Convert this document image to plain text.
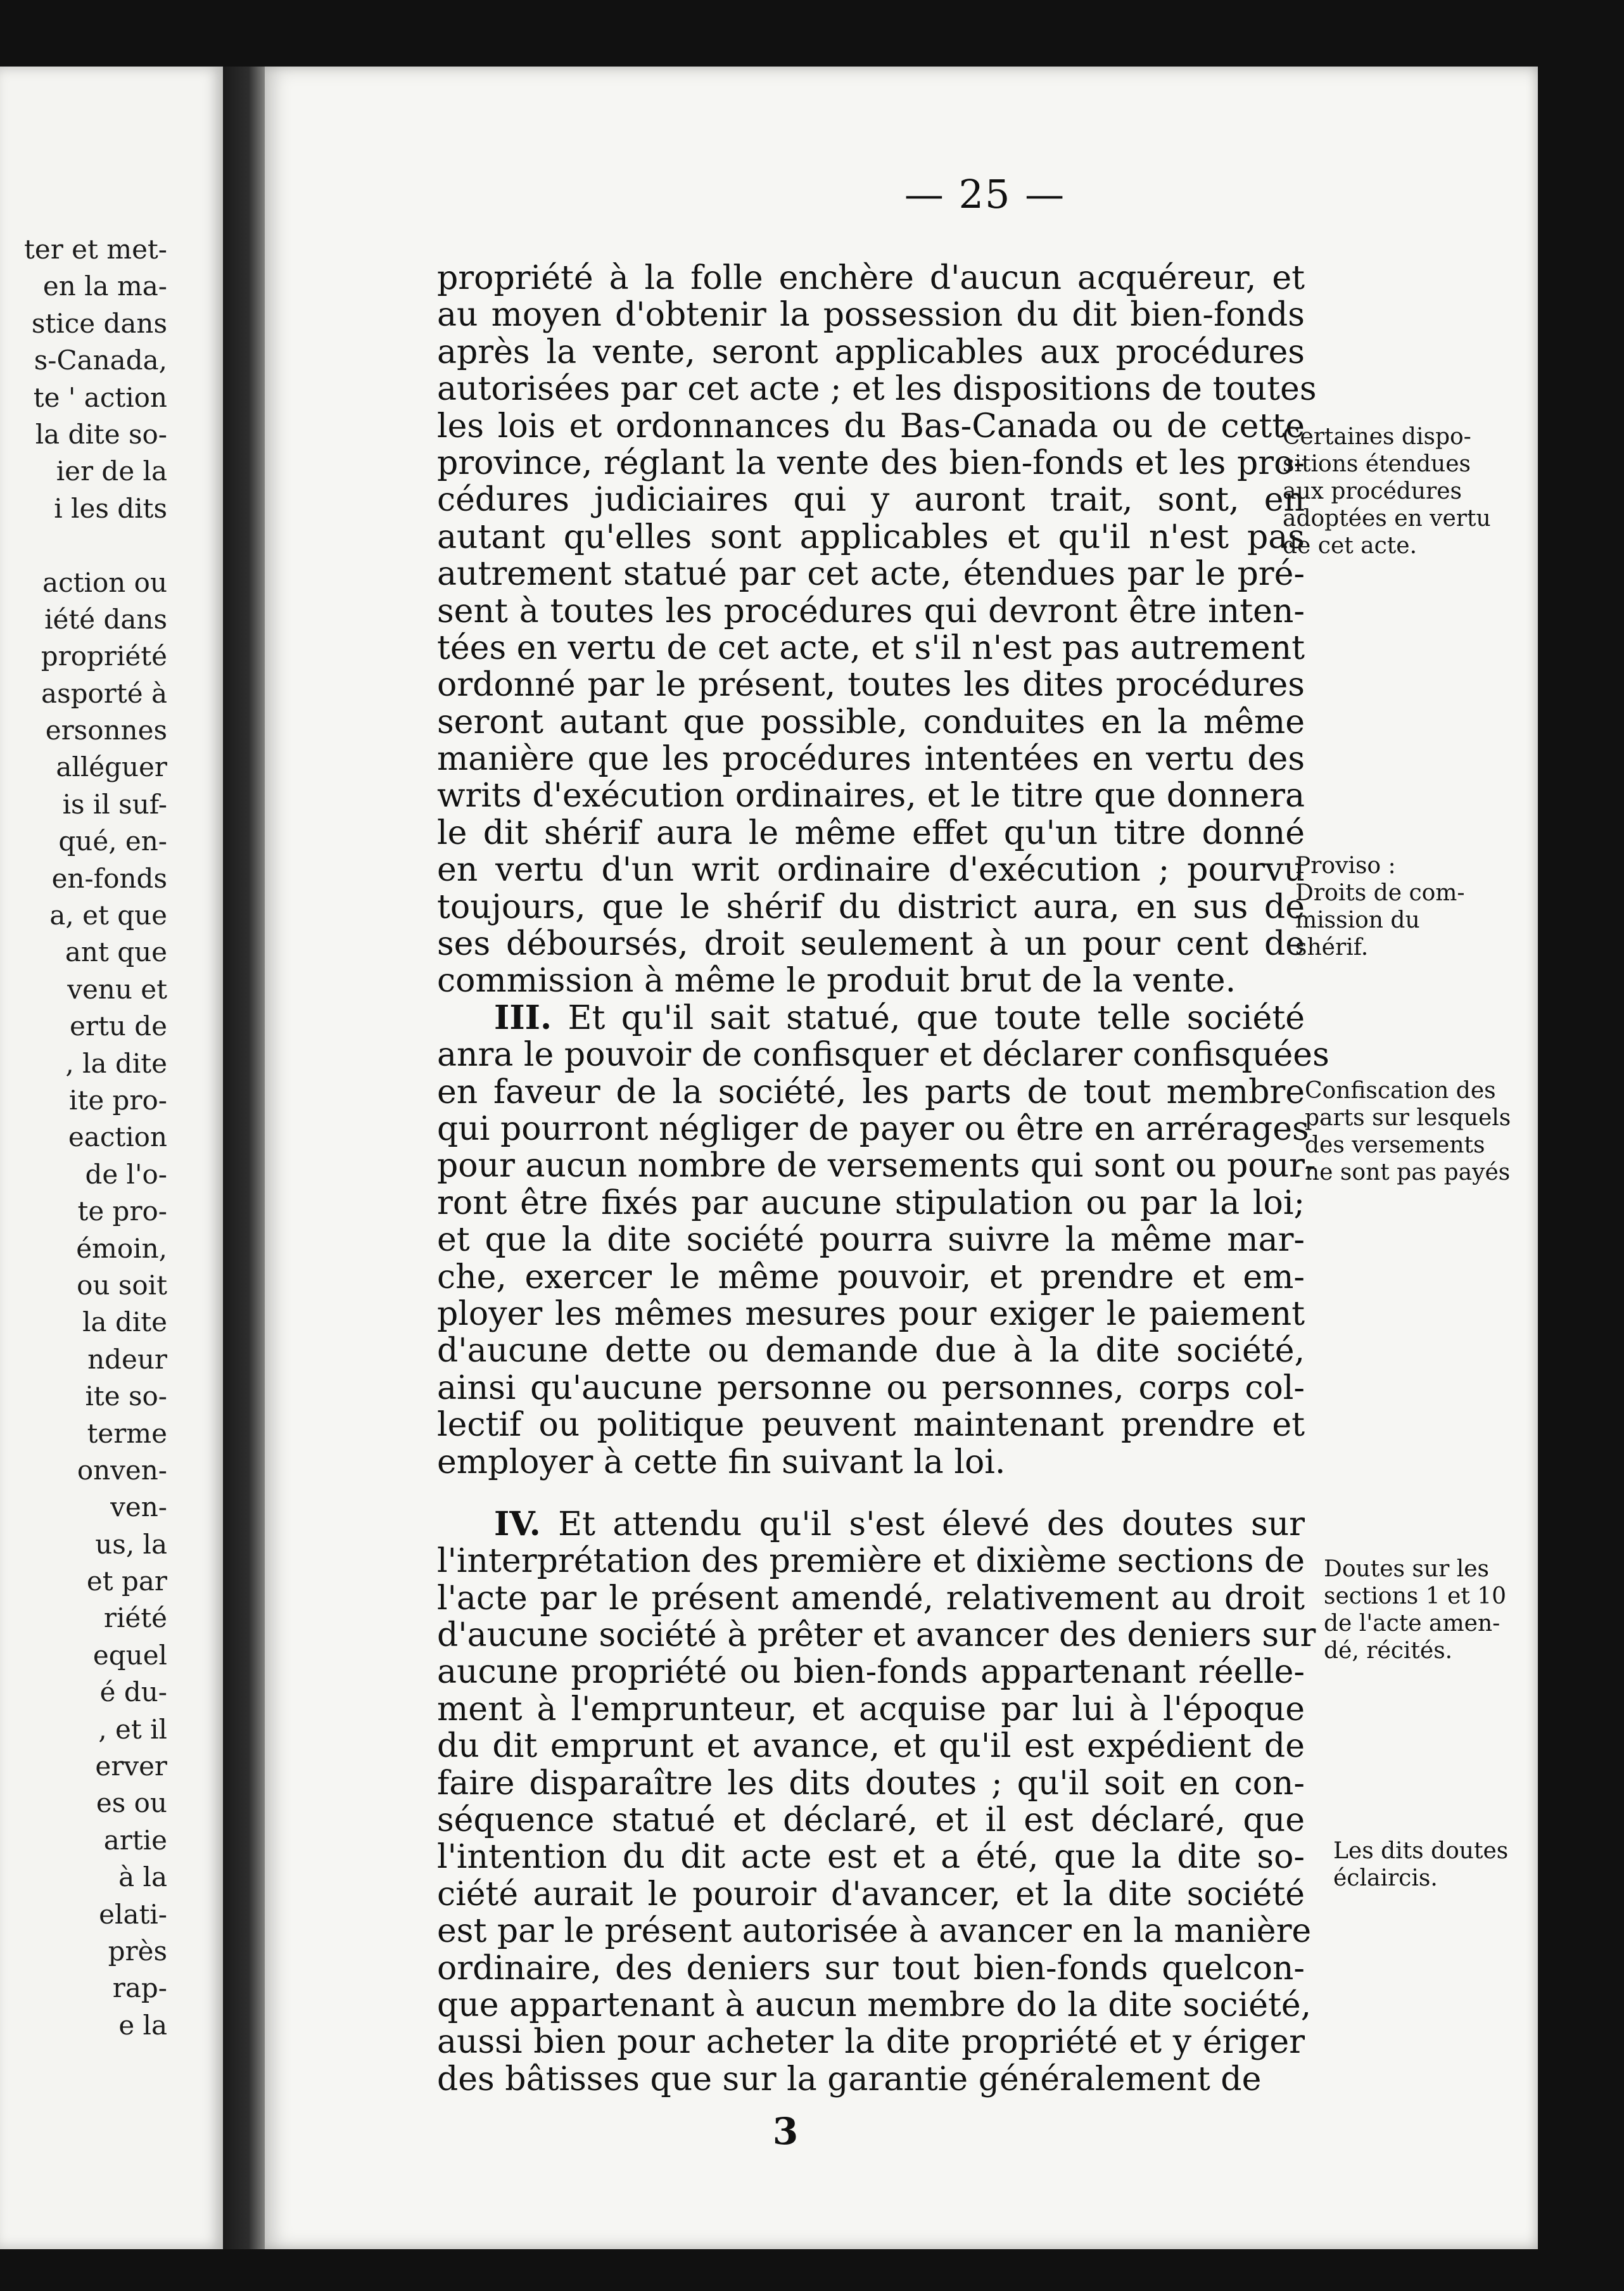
ter et met-
en la ma-
stice dans
s-Canada,
te ' action
la dite so-
ier de la
i les dits
action ou
iété dans
propriété
asporté à
ersonnes
alléguer
is il suf-
qué, en-
en-fonds
a, et que
ant que
venu et
ertu de
, la dite
ite pro-
eaction
de l'o-
te pro-
émoin,
ou soit
la dite
ndeur
ite so-
terme
onven-
ven-
us, la
et par
riété
equel
é du-
, et il
erver
es ou
artie
à la
elati-
près
rap-
e la
— 25 —
propriété à la folle enchère d'aucun acquéreur, et
au moyen d'obtenir la possession du dit bien-fonds
après la vente, seront applicables aux procédures
autorisées par cet acte ; et les dispositions de toutes
les lois et ordonnances du Bas-Canada ou de cette
province, réglant la vente des bien-fonds et les pro-
cédures judiciaires qui y auront trait, sont, en
autant qu'elles sont applicables et qu'il n'est pas
autrement statué par cet acte, étendues par le pré-
sent à toutes les procédures qui devront être inten-
tées en vertu de cet acte, et s'il n'est pas autrement
ordonné par le présent, toutes les dites procédures
seront autant que possible, conduites en la même
manière que les procédures intentées en vertu des
writs d'exécution ordinaires, et le titre que donnera
le dit shérif aura le même effet qu'un titre donné
en vertu d'un writ ordinaire d'exécution ; pourvu
toujours, que le shérif du district aura, en sus de
ses déboursés, droit seulement à un pour cent de
commission à même le produit brut de la vente.
III. Et qu'il sait statué, que toute telle société
anra le pouvoir de confisquer et déclarer confisquées
en faveur de la société, les parts de tout membre
qui pourront négliger de payer ou être en arrérages
pour aucun nombre de versements qui sont ou pour-
ront être fixés par aucune stipulation ou par la loi;
et que la dite société pourra suivre la même mar-
che, exercer le même pouvoir, et prendre et em-
ployer les mêmes mesures pour exiger le paiement
d'aucune dette ou demande due à la dite société,
ainsi qu'aucune personne ou personnes, corps col-
lectif ou politique peuvent maintenant prendre et
employer à cette fin suivant la loi.
IV. Et attendu qu'il s'est élevé des doutes sur
l'interprétation des première et dixième sections de
l'acte par le présent amendé, relativement au droit
d'aucune société à prêter et avancer des deniers sur
aucune propriété ou bien-fonds appartenant réelle-
ment à l'emprunteur, et acquise par lui à l'époque
du dit emprunt et avance, et qu'il est expédient de
faire disparaître les dits doutes ; qu'il soit en con-
séquence statué et déclaré, et il est déclaré, que
l'intention du dit acte est et a été, que la dite so-
ciété aurait le pouroir d'avancer, et la dite société
est par le présent autorisée à avancer en la manière
ordinaire, des deniers sur tout bien-fonds quelcon-
que appartenant à aucun membre do la dite société,
aussi bien pour acheter la dite propriété et y ériger
des bâtisses que sur la garantie généralement de
Certaines dispo-
sitions étendues
aux procédures
adoptées en vertu
de cet acte.
Proviso :
Droits de com-
mission du
shérif.
Confiscation des
parts sur lesquels
des versements
ne sont pas payés
Doutes sur les
sections 1 et 10
de l'acte amen-
dé, récités.
Les dits doutes
éclaircis.
3
